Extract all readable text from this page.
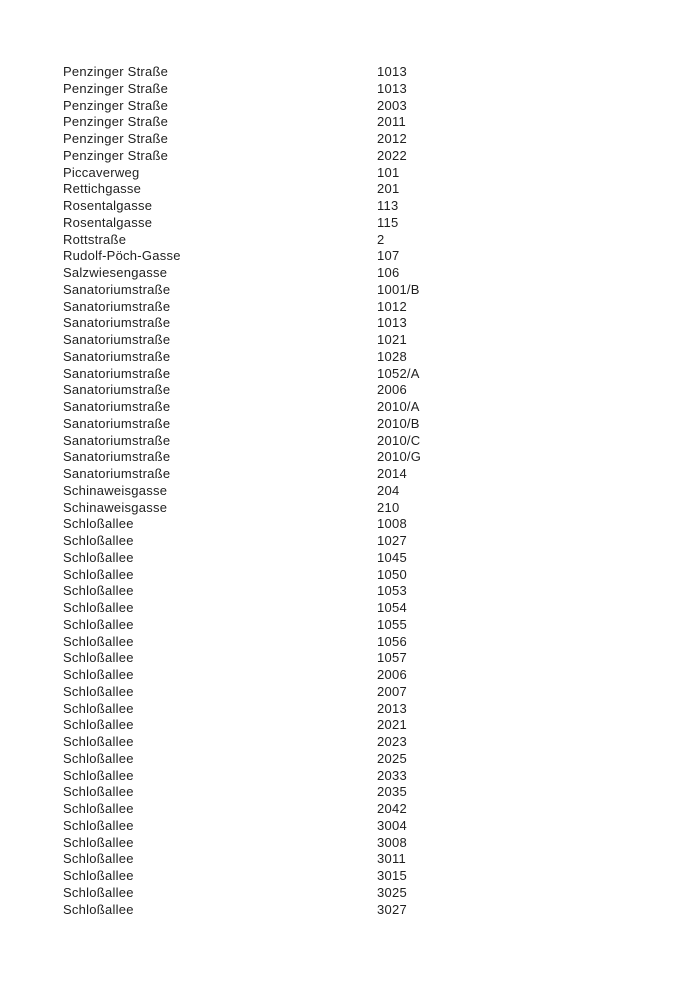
Penzinger Straße	1013
Penzinger Straße	1013
Penzinger Straße	2003
Penzinger Straße	2011
Penzinger Straße	2012
Penzinger Straße	2022
Piccaverweg	101
Rettichgasse	201
Rosentalgasse	113
Rosentalgasse	115
Rottstraße	2
Rudolf-Pöch-Gasse	107
Salzwiesengasse	106
Sanatoriumstraße	1001/B
Sanatoriumstraße	1012
Sanatoriumstraße	1013
Sanatoriumstraße	1021
Sanatoriumstraße	1028
Sanatoriumstraße	1052/A
Sanatoriumstraße	2006
Sanatoriumstraße	2010/A
Sanatoriumstraße	2010/B
Sanatoriumstraße	2010/C
Sanatoriumstraße	2010/G
Sanatoriumstraße	2014
Schinaweisgasse	204
Schinaweisgasse	210
Schloßallee	1008
Schloßallee	1027
Schloßallee	1045
Schloßallee	1050
Schloßallee	1053
Schloßallee	1054
Schloßallee	1055
Schloßallee	1056
Schloßallee	1057
Schloßallee	2006
Schloßallee	2007
Schloßallee	2013
Schloßallee	2021
Schloßallee	2023
Schloßallee	2025
Schloßallee	2033
Schloßallee	2035
Schloßallee	2042
Schloßallee	3004
Schloßallee	3008
Schloßallee	3011
Schloßallee	3015
Schloßallee	3025
Schloßallee	3027
